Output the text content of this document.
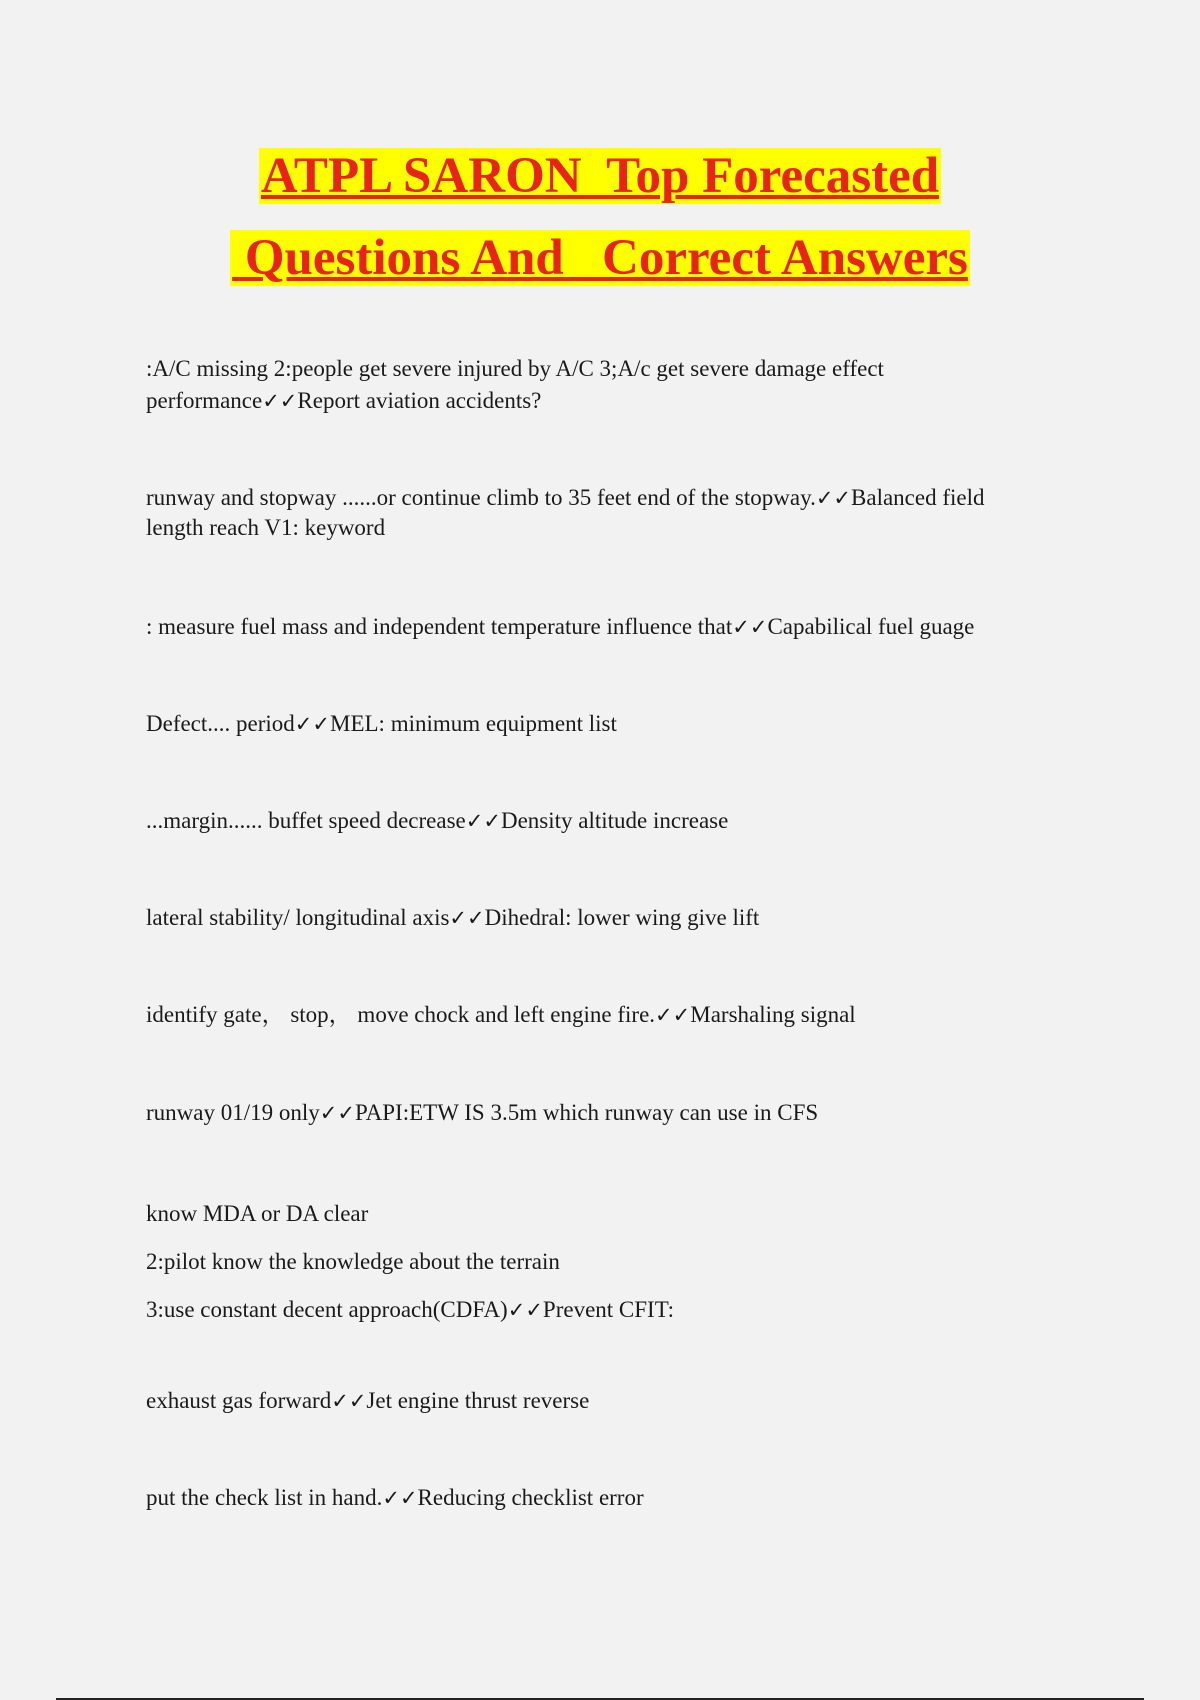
ATPL SARON  Top Forecasted
Questions And   Correct Answers

:A/C missing 2:people get severe injured by A/C 3;A/c get severe damage effect
performance✓✓Report aviation accidents?

runway and stopway ......or continue climb to 35 feet end of the stopway.✓✓Balanced field
length reach V1: keyword

: measure fuel mass and independent temperature influence that✓✓Capabilical fuel guage

Defect.... period✓✓MEL: minimum equipment list

...margin...... buffet speed decrease✓✓Density altitude increase

lateral stability/ longitudinal axis✓✓Dihedral: lower wing give lift

identify gate， stop， move chock and left engine fire.✓✓Marshaling signal

runway 01/19 only✓✓PAPI:ETW IS 3.5m which runway can use in CFS

know MDA or DA clear
2:pilot know the knowledge about the terrain
3:use constant decent approach(CDFA)✓✓Prevent CFIT:

exhaust gas forward✓✓Jet engine thrust reverse

put the check list in hand.✓✓Reducing checklist error
